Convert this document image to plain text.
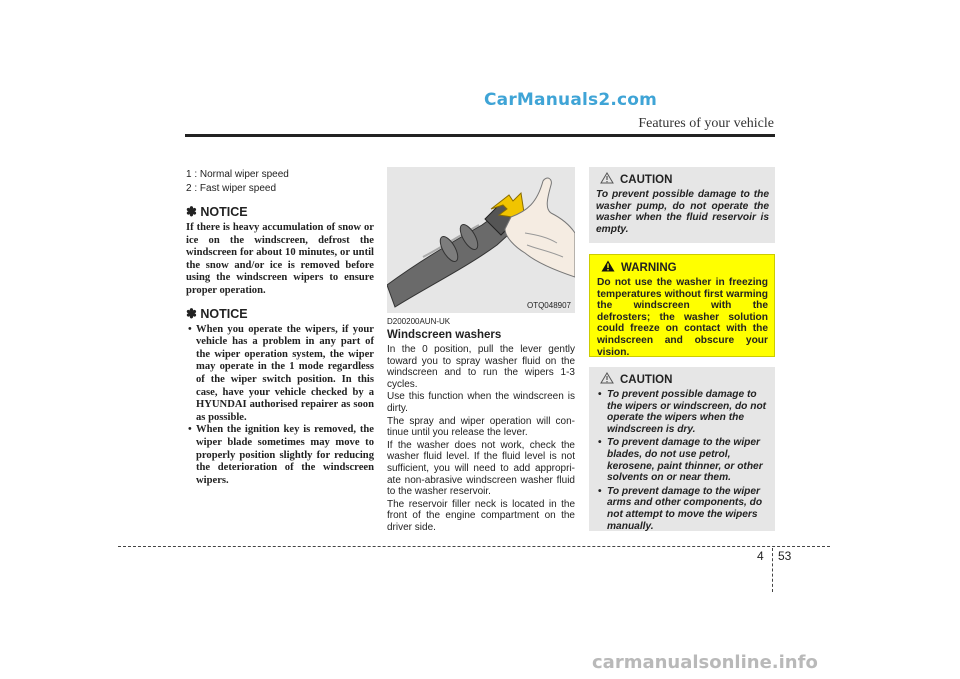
CarManuals2.com
Features of your vehicle

1 : Normal wiper speed

2 : Fast wiper speed

✽ NOTICE

If there is heavy accumulation of snow or ice on the windscreen, defrost the windscreen for about 10 minutes, or until the snow and/or ice is removed before using the windscreen wipers to ensure proper operation.

✽ NOTICE
• When you operate the wipers, if your vehicle has a problem in any part of the wiper operation system, the wiper may operate in the 1 mode regardless of the wiper switch position. In this case, have your vehicle checked by a HYUNDAI authorised repairer as soon as possible.
• When the ignition key is removed, the wiper blade sometimes may move to properly position slightly for reducing the deterioration of the windscreen wipers.
OTQ048907

D200200AUN-UK

Windscreen washers

In the 0 position, pull the lever gently toward you to spray washer fluid on the windscreen and to run the wipers 1-3 cycles.

Use this function when the windscreen is dirty.

The spray and wiper operation will con- tinue until you release the lever.

If the washer does not work, check the washer fluid level. If the fluid level is not sufficient, you will need to add appropri- ate non-abrasive windscreen washer fluid to the washer reservoir.

The reservoir filler neck is located in the front of the engine compartment on the driver side.

CAUTION

To prevent possible damage to the washer pump, do not operate the washer when the fluid reservoir is empty.

WARNING

Do not use the washer in freezing temperatures without first warming the windscreen with the defrosters; the washer solution could freeze on contact with the windscreen and obscure your vision.

CAUTION
• To prevent possible damage to the wipers or windscreen, do not operate the wipers when the windscreen is dry.
• To prevent damage to the wiper blades, do not use petrol, kerosene, paint thinner, or other solvents on or near them.
• To prevent damage to the wiper arms and other components, do not attempt to move the wipers manually.
4 53
carmanualsonline.info
